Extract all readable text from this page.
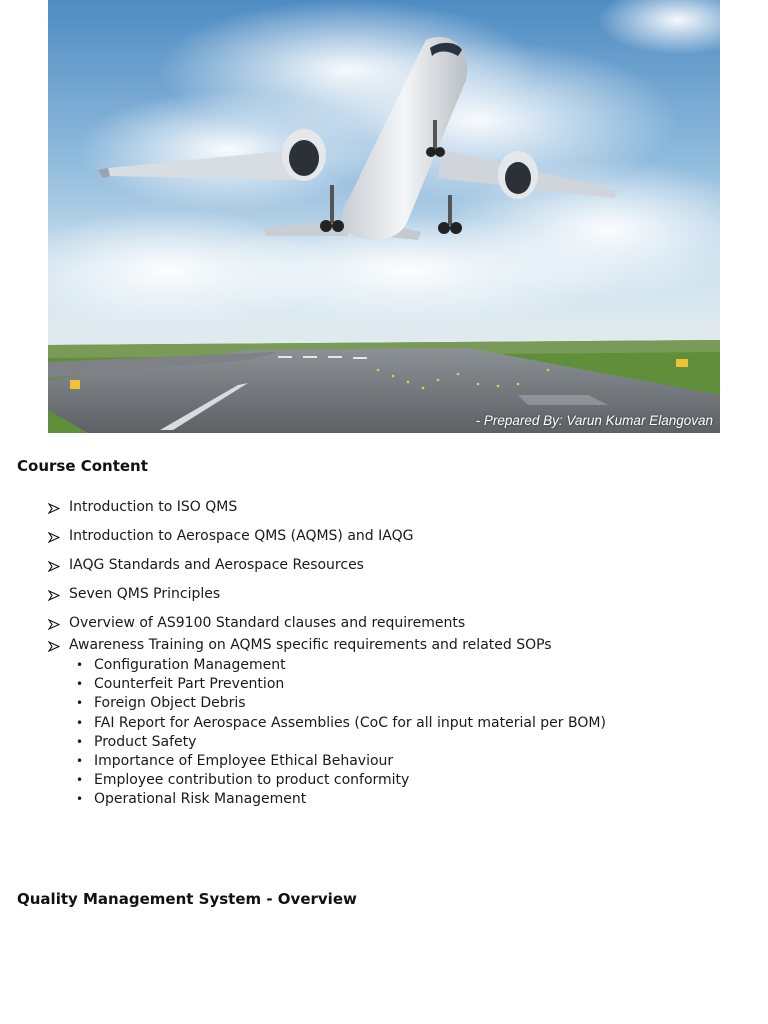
- Prepared By: Varun Kumar Elangovan
Course Content
Introduction to ISO QMS
Introduction to Aerospace QMS (AQMS) and IAQG
IAQG Standards and Aerospace Resources
Seven QMS Principles
Overview of AS9100 Standard clauses and requirements
Awareness Training on AQMS specific requirements and related SOPs
• Configuration Management
• Counterfeit Part Prevention
• Foreign Object Debris
• FAI Report for Aerospace Assemblies (CoC for all input material per BOM)
• Product Safety
• Importance of Employee Ethical Behaviour
• Employee contribution to product conformity
• Operational Risk Management
Quality Management System - Overview
